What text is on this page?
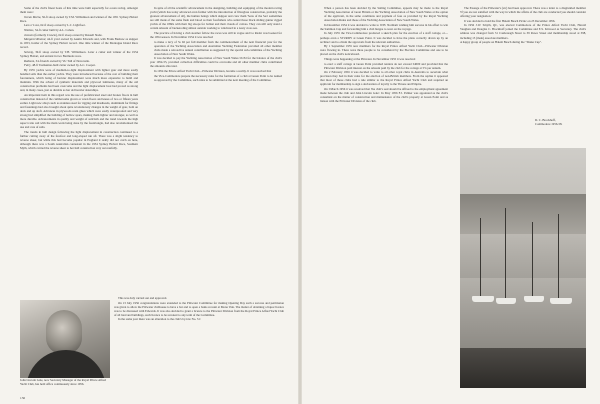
Some of the club's finest boats of this time were built especially for ocean racing. Amongst them were:

Ocean Maria, 36-ft sloop owned by T.M. Williamson and winner of the 1951 Sydney-Hobart Race.

Lass o' Luss, 62-ft sloop owned by L.C. Lightfoot.

Nimbus, 34-ft cutter built by A.L. Cohen.

Janssen (formerly Crowle), 62-ft sloop owned by Russell Slade.

Margaret Rintoul, 44-ft yawl owned by Austin Edwards and, with Frank Bashow as skipper in 1953, holder of the Sydney Hobart record. One time winner of the Montague Island Race record.

Solveig, 39-ft sloop owned by T.H. Williamson. Later a cutter and winner of the 1954 Sydney Hobart, and entrant in two Bermuda races.

Rudnom, 34-ft ketch owned by Vic Tull of Newcastle.

Fairy, 48-ft Tasmanian-built cutter owned by A.C. Cooper.

By 1955 yachts were of medium-to-light displacement with lighter gear and more easily handled sails than the earlier yachts. They were introduced because of the cost of building their forerunners, which being of heavier displacement were much more expensive to build and maintain. With the advent of synthetic materials and plywood laminates, many of the old construction problems had been overcome and the light displacement boat had proved as strong and, in many cases, just as durable as her old heavier sisterships.

An important item in this regard was the use of prefabricated steel and bronze floors in hull construction instead of the cumbersome grown or sawn floors and knees of two or fifteen years earlier. Light new alloys such as stainless steel for rigging and mastheads, aluminium for fittings and fastenings had also brought about quite revolutionary changes in the weight of gear, both on deck and up aloft. Advances in plywoods resin glues which were easily waterproofed and very strong had simplified the building of hollow spars, making them lighter and stronger, as well as more durable. Advancements in quality and weight of sailcloth and the trend towards the high aspect ratio sail with the main work being done by the foretriangle, had also revolutionised the use and care of sails.

The trends in hull design following the light displacement in construction continued to a further cutting away of the forefoot and long-sloped run aft. There was a slight tendency to reverse sheer, but while this had become popular in England it really did not catch on here, although there was a South Australian contestant in the 1954 Sydney Hobart Race, Southern Myth, which carried the reverse sheer to her hull construction very successfully.

In spite of all the scientific advancement in the designing, building and equipping of the modern racing yacht (which has today advanced even further with the introduction of fibreglass construction, probably the greatest advancement of all), the human beings which skipper and crew them 'Sons of the Sea' sometimes are still made of the same flesh and blood as their forefathers who sailed those black sliding gunter rigged yachts of the 1860s with their big sloops for ballast and their clouds of canvas. They can still only stand a certain amount of buckeroding almost outside working to windward in a nasty cross sea.

The practice of having a club steamer follow the races was still in vogue and La Radar was booked for the 1954 season. In November 1954 it was resolved

to make a levy of 5s 0d per full member from the commencement of the next financial year for the operation of the Yachting Association and Australian Yachting Federation provided all other member clubs made a retroactive annual contribution as suggested by the special sub-committee of the Yachting Association of New South Wales.

It was decided to pay the Yachting Association of New South Wales £6 8d for the balance of the club's year 1954-55, provided collection difficulties could be overcome and all other member clubs contributed the amounts allocated.

In 1954 the Prince Alfred Yacht Club—Pittwater Division, became a reality. It was resolved that

the Vice-Commodore prepare the necessary rules for the formation of a club at Green Point to be named as approved by the Committee, such rules to be submitted at the next meeting of the Committee.

This was duly carried out and approved.

On 13 July 1956 congratulations were extended to the Pittwater Committee for making Opening Day such a success and permission was given to allow the Pittwater clubhouse to have a bar and to open a bank account at Mona Vale. The matter of obtaining a liquor licence was to be discussed with Edwards. It was also decided to grant a licence to the Pittwater Division from the Royal Prince Alfred Yacht Club of all land and buildings, such licence to be revoked to any term of the Committee.

In the same year there was an alteration to the club's by-law No. 31:

John Lincoln Gale, now Secretary Manager of the Royal Prince Alfred Yacht Club, has held office continuously since 1956.
136

When a person has been decided by the Sailing Committee, appeals may be made to the Royal Yachting Association of Great Britain or the Yachting Association of New South Wales at the option of the applicant, in the same conditions and payment of fees as provided by the Royal Yachting Association Rules and those of the Yachting Association of New South Wales.

In December 1954 it was decided to write to W.H. Northam wishing him success in his effort to win the Sammon Cup and forwarding him a club burgee to wear on the voyage.

In July 1955 the Vice-Commodore produced a sketch plan for the erection of a staff cottage, or—perhaps even a STURDY at Green Point. It was decided to have the plans correctly drawn up by an architect and to obtain the approvals from the relevant authorities.

By 1 September 1955 new members for the Royal Prince Alfred Yacht Club—Pittwater Division were flowing in. There were three people to be considered by the Election Committee and one to be placed on the club's noticeboard.

Things were happening at the Pittwater. In November 1955 it was resolved

to erect a staff cottage at Green Point provided tenders do not exceed £4000 and provided that the Pittwater Division paid interest on the amount paid by the club for the cottage at 5% per annum.

On 2 February 1956 it was decided to write to all other royal clubs in Australia to ascertain what provision they had in their rules for the election of non-British members. From the replies it appeared that most of these clubs had a rule similar to the Royal Prince Alfred Yacht Club and required an applicant for membership to sign a declaration of loyalty to the Throne and Empire.

On I March 1956 it was resolved that 'the club's seal should be affixed to the employment agreement made between the club and John Lincoln Gale'. In May 1956 F.J. Palmer was appointed as the club's consultant on the matter of construction and maintenance of the club's property at Green Point and as liaison with the Pittwater Division of the club.

The Passage of the Pittwater's (sic) had been approved. There was a letter to a disgruntled member 'If you are not satisfied with the way in which the affairs of the club are conducted you should consider offering your resignation.'

It was decided to hold the first Halem Beach Picnic on 23 December 1956.

In 1956 J.W. Smyth, QC, was elected Commodore of the Prince Alfred Yacht Club, Harold Vaughan and Douglas C. Brockhoff joined the Committee and E.S. Kirwood as Secretary. The club's address was changed from 31 Castlereagh Street to 39 Rowe Street and membership stood at 398, including 13 (male) associate members.

A happy group of people on Halem Beach during the "Drake Cup".

D. C. Brockhoff,
Commodore 1956-58.
